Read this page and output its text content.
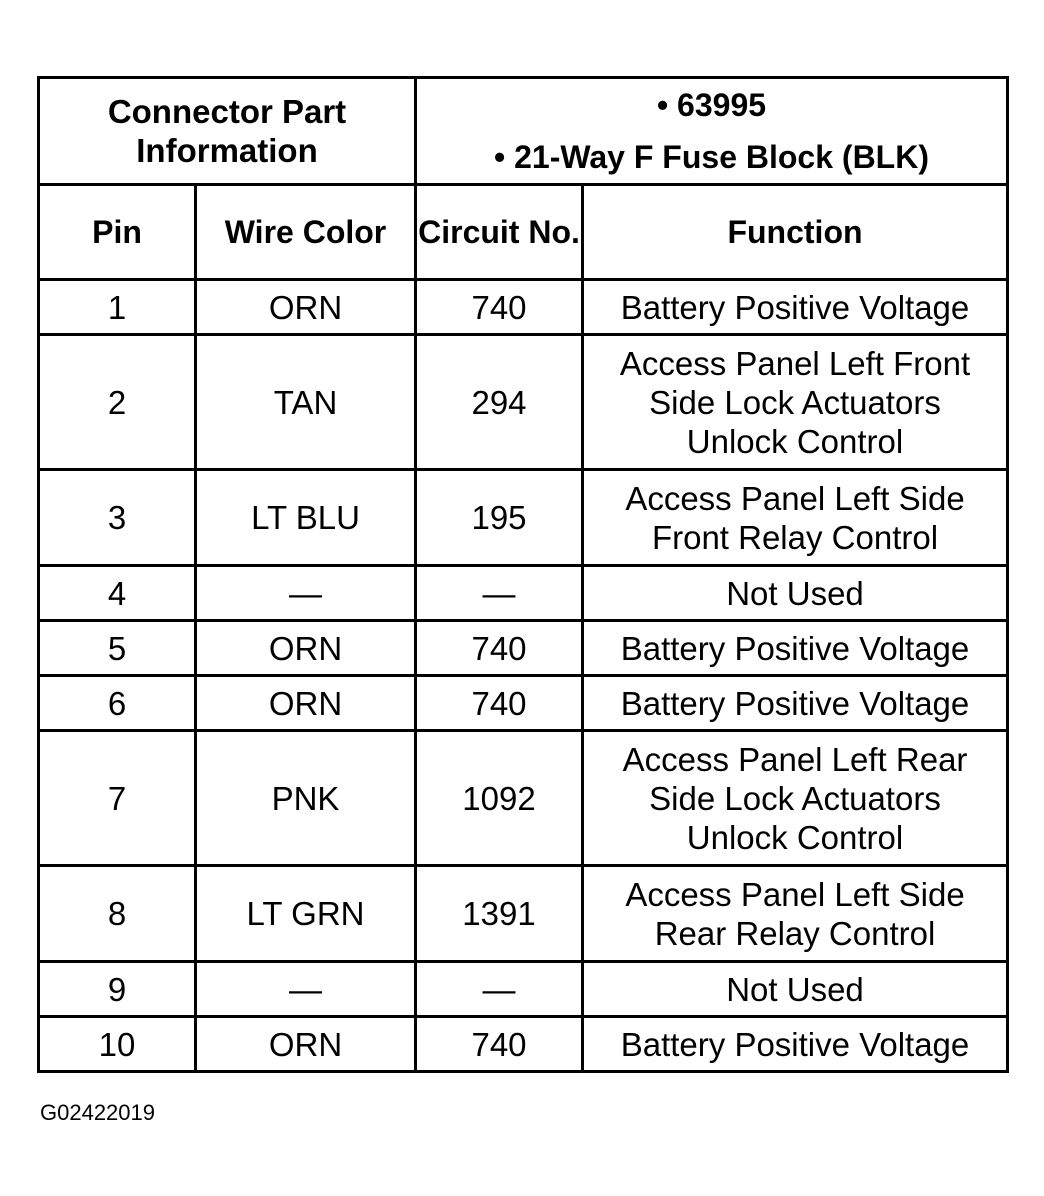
Connector Part Information		• 63995
• 21-Way F Fuse Block (BLK)	

Pin	Wire Color	Circuit No.	Function
1	ORN	740	Battery Positive Voltage
2	TAN	294	Access Panel Left Front
Side Lock Actuators
Unlock Control
3	LT BLU	195	Access Panel Left Side
Front Relay Control
4	—	—	Not Used
5	ORN	740	Battery Positive Voltage
6	ORN	740	Battery Positive Voltage
7	PNK	1092	Access Panel Left Rear
Side Lock Actuators
Unlock Control
8	LT GRN	1391	Access Panel Left Side
Rear Relay Control
9	—	—	Not Used
10	ORN	740	Battery Positive Voltage
G02422019
